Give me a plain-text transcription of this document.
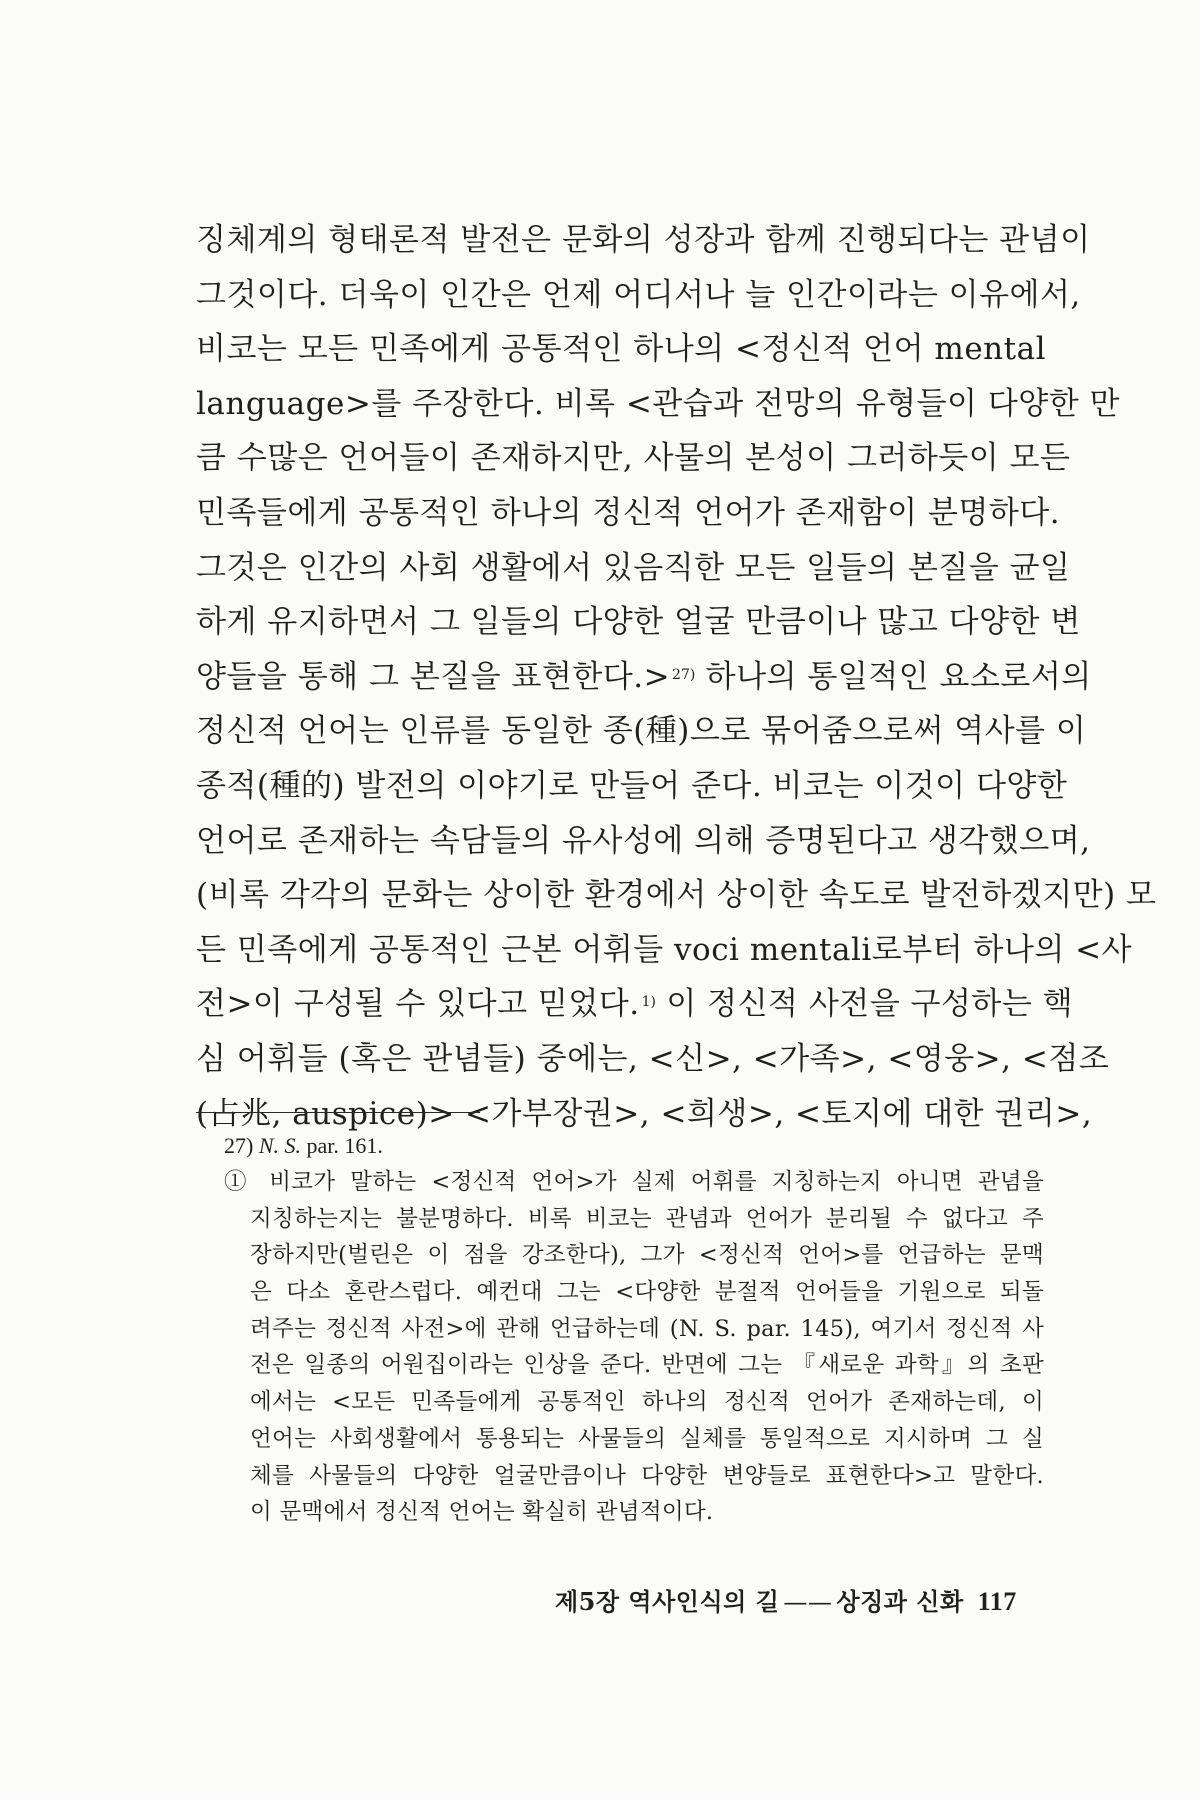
징체계의 형태론적 발전은 문화의 성장과 함께 진행되다는 관념이
그것이다. 더욱이 인간은 언제 어디서나 늘 인간이라는 이유에서,
비코는 모든 민족에게 공통적인 하나의 <정신적 언어 mental
language>를 주장한다. 비록 <관습과 전망의 유형들이 다양한 만
큼 수많은 언어들이 존재하지만, 사물의 본성이 그러하듯이 모든
민족들에게 공통적인 하나의 정신적 언어가 존재함이 분명하다.
그것은 인간의 사회 생활에서 있음직한 모든 일들의 본질을 균일
하게 유지하면서 그 일들의 다양한 얼굴 만큼이나 많고 다양한 변
양들을 통해 그 본질을 표현한다.> $^{27)}$ 하나의 통일적인 요소로서의
정신적 언어는 인류를 동일한 종(種)으로 묶어줌으로써 역사를 이
종적(種的) 발전의 이야기로 만들어 준다. 비코는 이것이 다양한
언어로 존재하는 속담들의 유사성에 의해 증명된다고 생각했으며,
(비록 각각의 문화는 상이한 환경에서 상이한 속도로 발전하겠지만) 모
든 민족에게 공통적인 근본 어휘들 voci mentali로부터 하나의 <사
전>이 구성될 수 있다고 믿었다. $^{1)}$ 이 정신적 사전을 구성하는 핵
심 어휘들 (혹은 관념들) 중에는, <신>, <가족>, <영웅>, <점조
(占兆, auspice)> <가부장권>, <희생>, <토지에 대한 권리>,
27) N. S. par. 161.
① 비코가 말하는 <정신적 언어>가 실제 어휘를 지칭하는지 아니면 관념을
지칭하는지는 불분명하다. 비록 비코는 관념과 언어가 분리될 수 없다고 주
장하지만(벌린은 이 점을 강조한다), 그가 <정신적 언어>를 언급하는 문맥
은 다소 혼란스럽다. 예컨대 그는 <다양한 분절적 언어들을 기원으로 되돌
려주는 정신적 사전>에 관해 언급하는데 (N. S. par. 145), 여기서 정신적 사
전은 일종의 어원집이라는 인상을 준다. 반면에 그는 『새로운 과학』의 초판
에서는 <모든 민족들에게 공통적인 하나의 정신적 언어가 존재하는데, 이
언어는 사회생활에서 통용되는 사물들의 실체를 통일적으로 지시하며 그 실
체를 사물들의 다양한 얼굴만큼이나 다양한 변양들로 표현한다>고 말한다.
이 문맥에서 정신적 언어는 확실히 관념적이다.
제5장 역사인식의 길 —— 상징과 신화 117
